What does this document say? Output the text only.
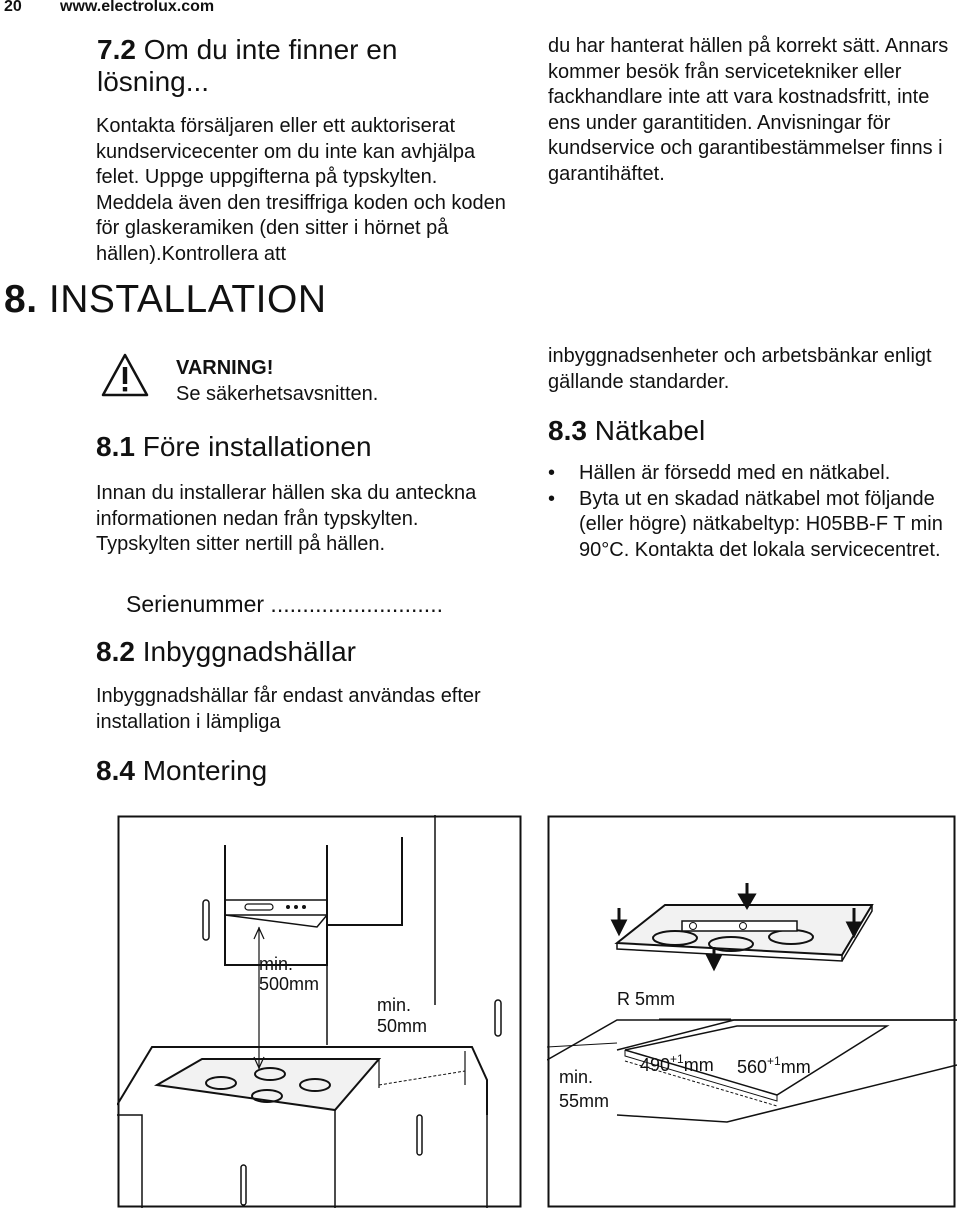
20 www.electrolux.com
7.2 Om du inte finner en lösning...
Kontakta försäljaren eller ett auktoriserat kundservicecenter om du inte kan avhjälpa felet. Uppge uppgifterna på typskylten. Meddela även den tresiffriga koden och koden för glaskeramiken (den sitter i hörnet på hällen).Kontrollera att
8. INSTALLATION
VARNING!
Se säkerhetsavsnitten.
8.1 Före installationen
Innan du installerar hällen ska du anteckna informationen nedan från typskylten. Typskylten sitter nertill på hällen.
Serienummer ...........................
8.2 Inbyggnadshällar
Inbyggnadshällar får endast användas efter installation i lämpliga
8.4 Montering
du har hanterat hällen på korrekt sätt. Annars kommer besök från servicetekniker eller fackhandlare inte att vara kostnadsfritt, inte ens under garantitiden. Anvisningar för kundservice och garantibestämmelser finns i garantihäftet.
inbyggnadsenheter och arbetsbänkar enligt gällande standarder.
8.3 Nätkabel
• Hällen är försedd med en nätkabel.
• Byta ut en skadad nätkabel mot följande (eller högre) nätkabeltyp: H05BB-F T min 90°C. Kontakta det lokala servicecentret.
min.
500mm
min.
50mm
R 5mm
$490^{+1}mm$ $560^{+1}mm$
min.
55mm
